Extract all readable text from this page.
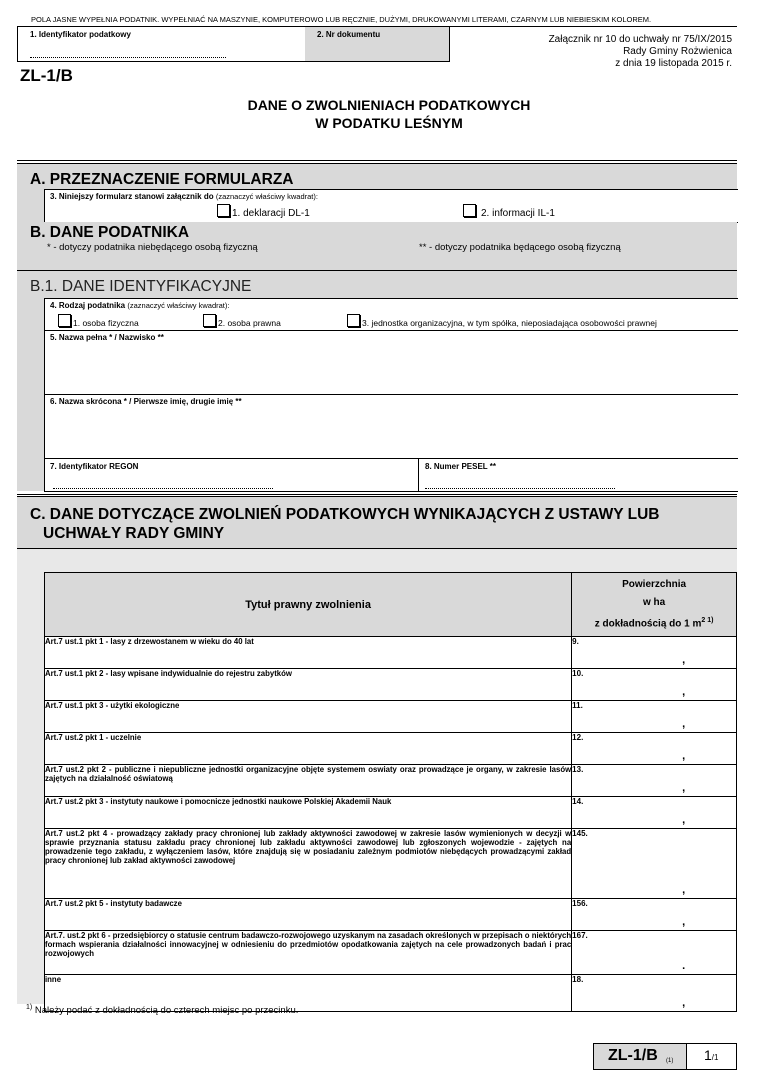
POLA JASNE WYPEŁNIA PODATNIK. WYPEŁNIAĆ NA MASZYNIE, KOMPUTEROWO LUB RĘCZNIE, DUŻYMI, DRUKOWANYMI LITERAMI, CZARNYM LUB NIEBIESKIM KOLOREM.
1. Identyfikator podatkowy	2. Nr dokumentu	Załącznik nr 10 do uchwały nr 75/IX/2015
Rady Gminy Rożwienica
z dnia 19 listopada 2015 r.
ZL-1/B
DANE O ZWOLNIENIACH PODATKOWYCH
W PODATKU LEŚNYM
A. PRZEZNACZENIE FORMULARZA
3. Niniejszy formularz stanowi załącznik do (zaznaczyć właściwy kwadrat):
1. deklaracji DL-1	2. informacji IL-1
B. DANE PODATNIKA
* - dotyczy podatnika niebędącego osobą fizyczną	** - dotyczy podatnika będącego osobą fizyczną
B.1. DANE IDENTYFIKACYJNE
4. Rodzaj podatnika (zaznaczyć właściwy kwadrat):
1. osoba fizyczna	2. osoba prawna	3. jednostka organizacyjna, w tym spółka, nieposiadająca osobowości prawnej
5. Nazwa pełna * / Nazwisko **
6. Nazwa skrócona * / Pierwsze imię, drugie imię **
7. Identyfikator REGON	8. Numer PESEL **
C. DANE DOTYCZĄCE ZWOLNIEŃ PODATKOWYCH WYNIKAJĄCYCH Z USTAWY LUB
UCHWAŁY RADY GMINY
Tytuł prawny zwolnienia	Powierzchnia
w ha
z dokładnością do 1 $m^{2 1)}$

Art.7 ust.1 pkt 1 - lasy z drzewostanem w wieku do 40 lat	9.
,

Art.7 ust.1 pkt 2 - lasy wpisane indywidualnie do rejestru zabytków	10.
,

Art.7 ust.1 pkt 3 - użytki ekologiczne	11.
,

Art.7 ust.2 pkt 1 - uczelnie	12.
,

Art.7 ust.2 pkt 2 - publiczne i niepubliczne jednostki organizacyjne objęte systemem oswiaty oraz prowadzące je organy, w zakresie lasów zajętych na działalność oświatową	13.
,

Art.7 ust.2 pkt 3 - instytuty naukowe i pomocnicze jednostki naukowe Polskiej Akademii Nauk	14.
,

Art.7 ust.2 pkt 4 - prowadzący zakłady pracy chronionej lub zakłady aktywności zawodowej w zakresie lasów wymienionych w decyzji w sprawie przyznania statusu zakładu pracy chronionej lub zakładu aktywności zawodowej lub zgłoszonych wojewodzie - zajętych na prowadzenie tego zakładu, z wyłączeniem lasów, które znajdują się w posiadaniu zależnym podmiotów niebędących prowadzącymi zakład pracy chronionej lub zakład aktywności zawodowej	145.
,

Art.7 ust.2 pkt 5 - instytuty badawcze	156.
,

Art.7. ust.2 pkt 6 - przedsiębiorcy o statusie centrum badawczo-rozwojowego uzyskanym na zasadach określonych w przepisach o niektórych formach wspierania działalności innowacyjnej w odniesieniu do przedmiotów opodatkowania zajętych na cele prowadzonych badań i prac rozwojowych	167.
.

inne	18.
,
$^{1)}$ Należy podać z dokładnością do czterech miejsc po przecinku.
ZL-1/B (1) 1/1
